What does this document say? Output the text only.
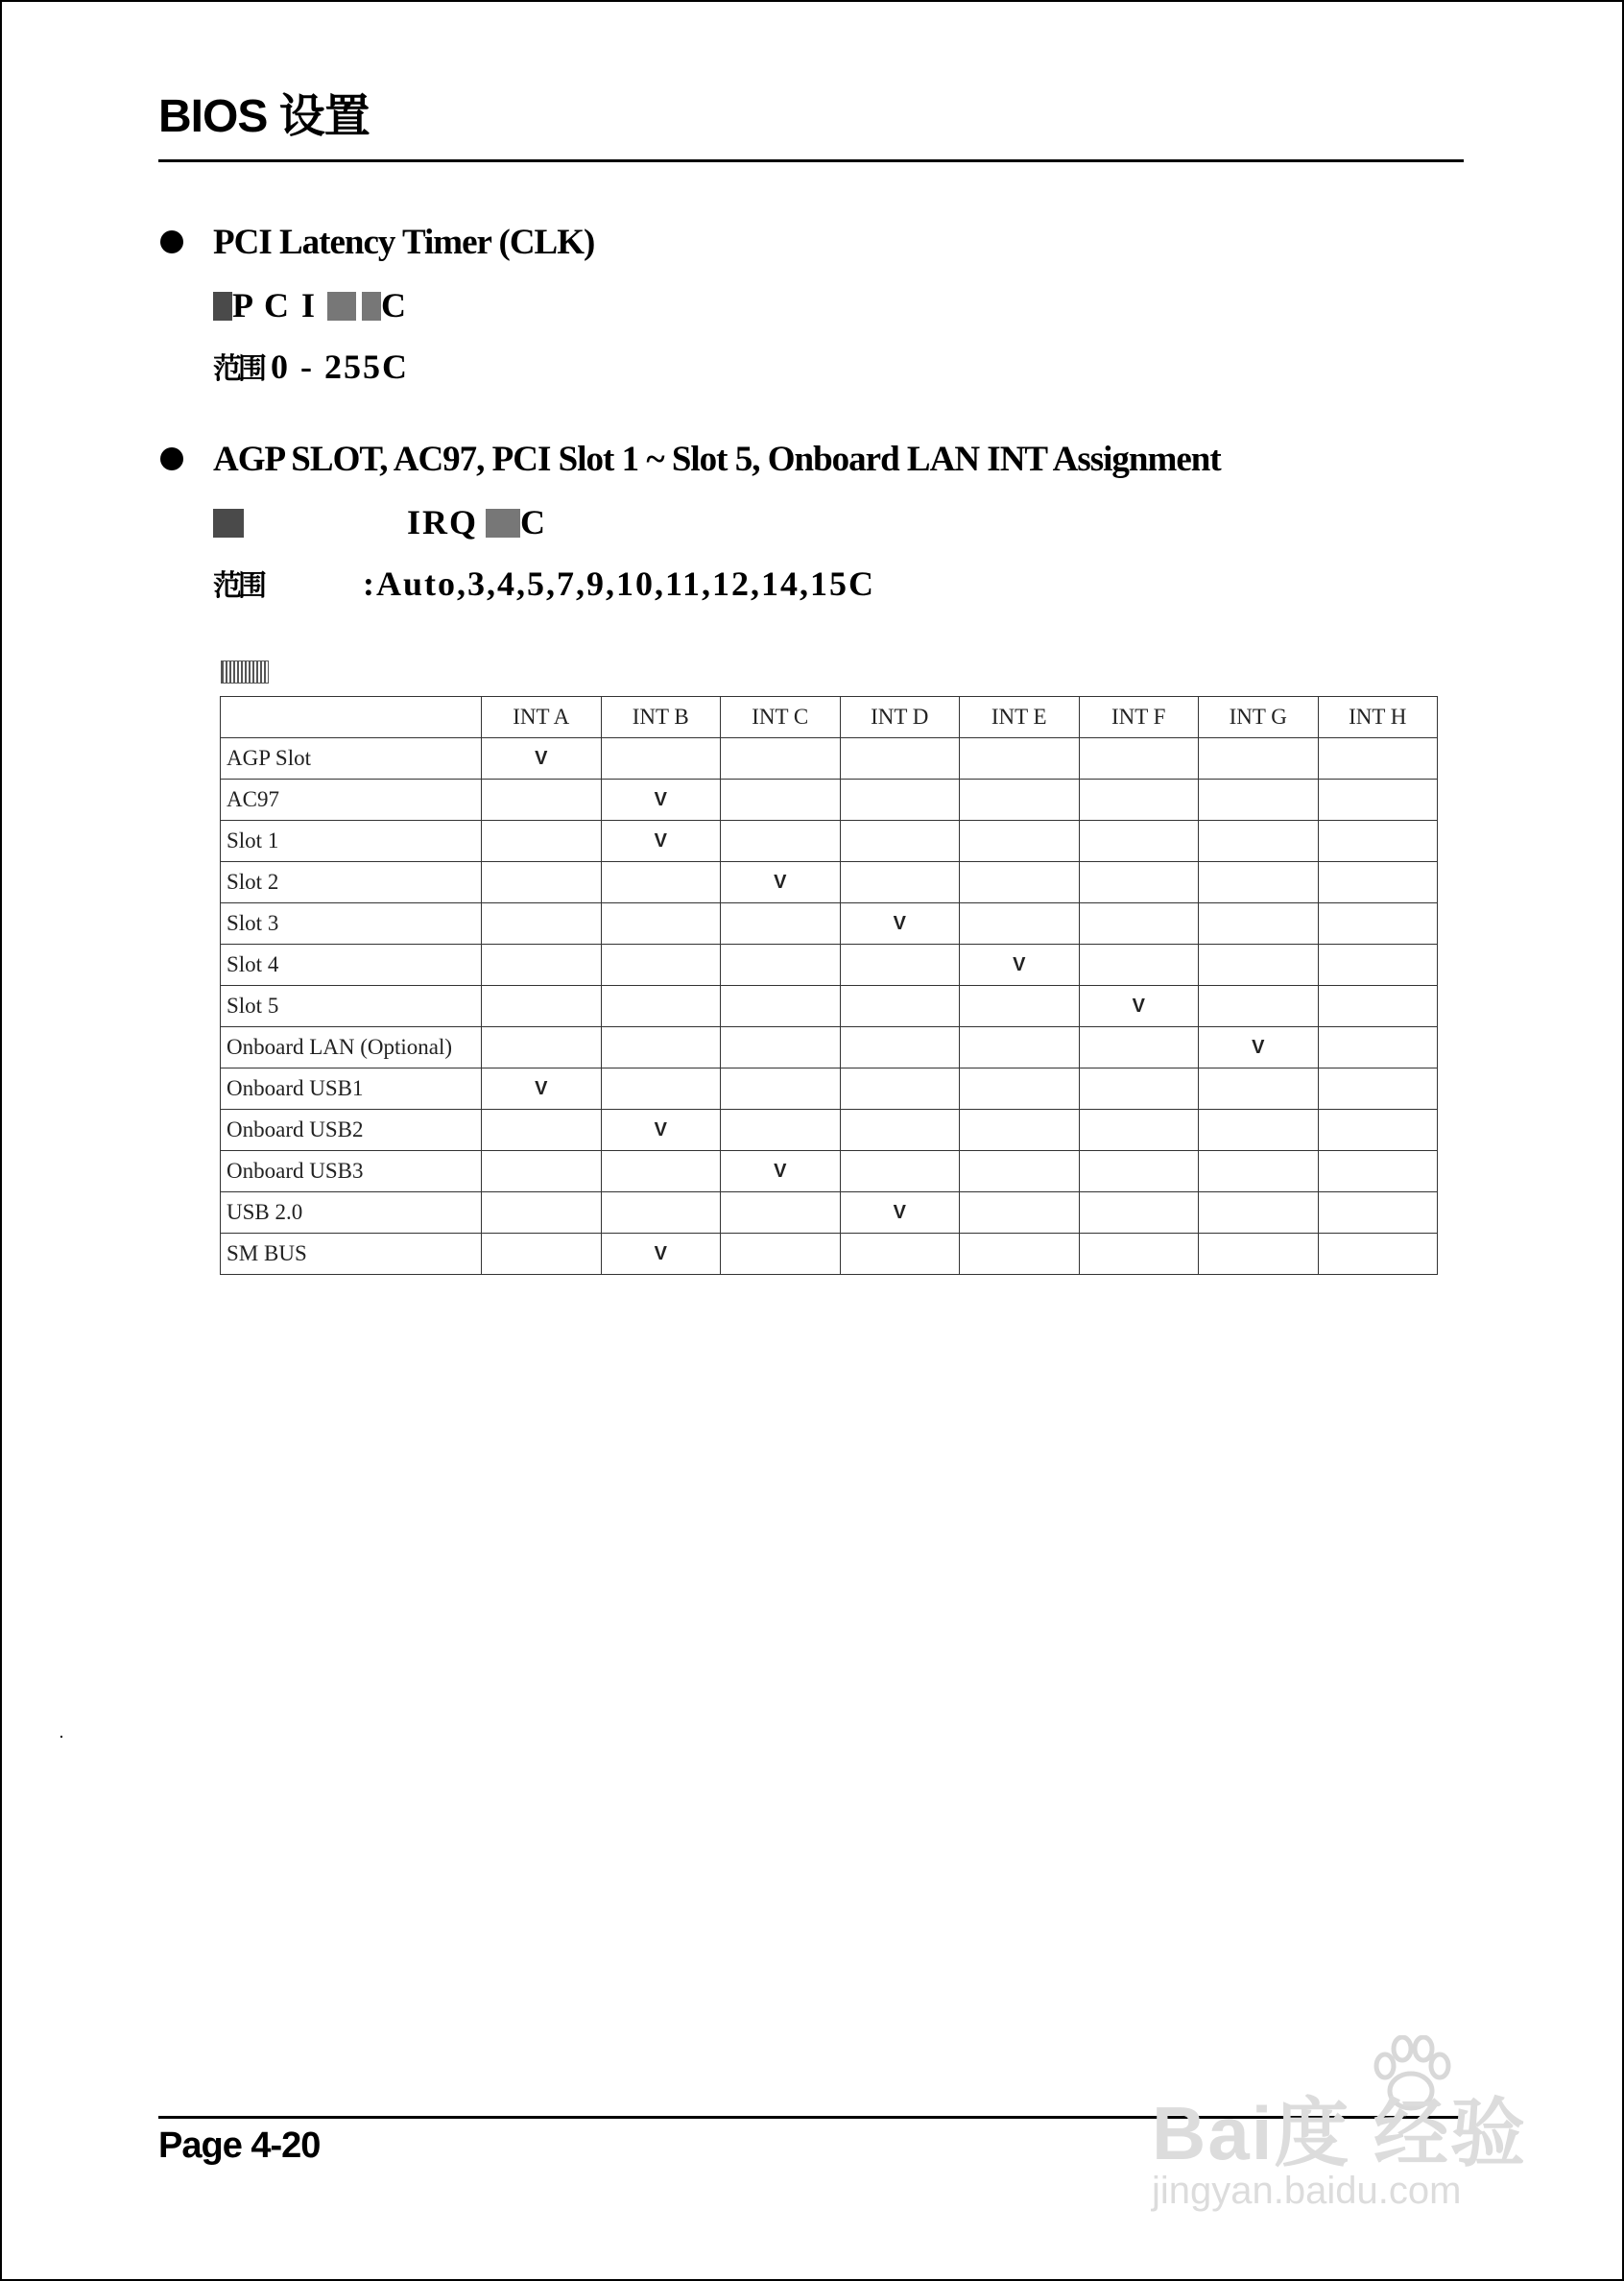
BIOS 设置
PCI Latency Timer (CLK)
P C I C
范围 0 - 255C
AGP SLOT, AC97, PCI Slot 1 ~ Slot 5, Onboard LAN INT Assignment
IRQ C
范围	:Auto,3,4,5,7,9,10,11,12,14,15C
	INT A	INT B	INT C	INT D	INT E	INT F	INT G	INT H
AGP Slot	V							
AC97		V						
Slot 1		V						
Slot 2			V					
Slot 3				V				
Slot 4					V			
Slot 5						V		
Onboard LAN (Optional)							V	
Onboard USB1	V							
Onboard USB2		V						
Onboard USB3			V					
USB 2.0				V				
SM BUS		V						
Page 4-20	Bai度 经验
jingyan.baidu.com
